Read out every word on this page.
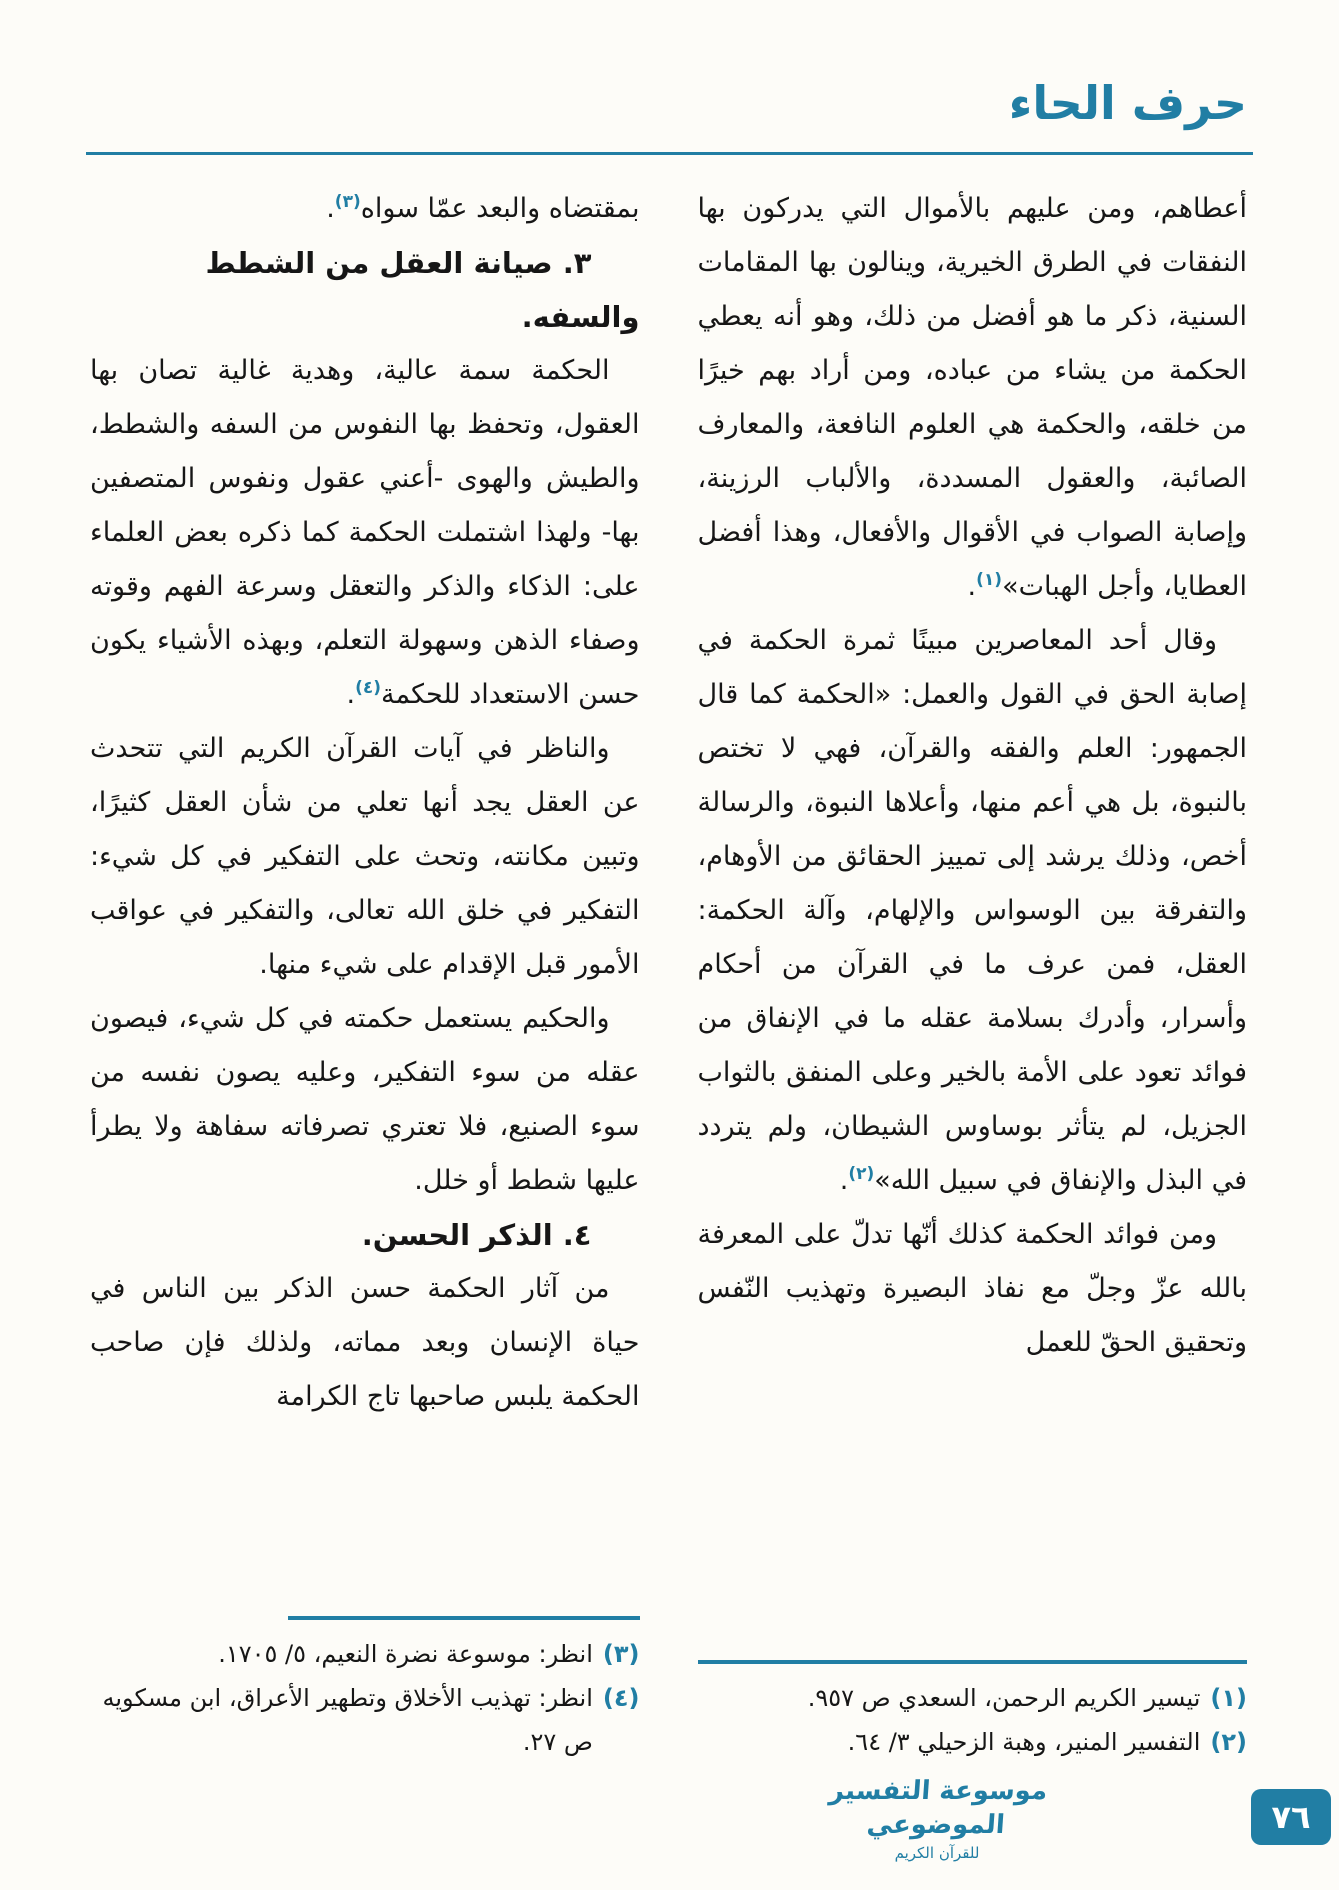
حرف الحاء

أعطاهم، ومن عليهم بالأموال التي يدركون بها النفقات في الطرق الخيرية، وينالون بها المقامات السنية، ذكر ما هو أفضل من ذلك، وهو أنه يعطي الحكمة من يشاء من عباده، ومن أراد بهم خيرًا من خلقه، والحكمة هي العلوم النافعة، والمعارف الصائبة، والعقول المسددة، والألباب الرزينة، وإصابة الصواب في الأقوال والأفعال، وهذا أفضل العطايا، وأجل الهبات»$^{(١)}$.

وقال أحد المعاصرين مبينًا ثمرة الحكمة في إصابة الحق في القول والعمل: «الحكمة كما قال الجمهور: العلم والفقه والقرآن، فهي لا تختص بالنبوة، بل هي أعم منها، وأعلاها النبوة، والرسالة أخص، وذلك يرشد إلى تمييز الحقائق من الأوهام، والتفرقة بين الوسواس والإلهام، وآلة الحكمة: العقل، فمن عرف ما في القرآن من أحكام وأسرار، وأدرك بسلامة عقله ما في الإنفاق من فوائد تعود على الأمة بالخير وعلى المنفق بالثواب الجزيل، لم يتأثر بوساوس الشيطان، ولم يتردد في البذل والإنفاق في سبيل الله»$^{(٢)}$.

ومن فوائد الحكمة كذلك أنّها تدلّ على المعرفة بالله عزّ وجلّ مع نفاذ البصيرة وتهذيب النّفس وتحقيق الحقّ للعمل

(١)
تيسير الكريم الرحمن، السعدي ص ٩٥٧.
(٢)
التفسير المنير، وهبة الزحيلي ٣/ ٦٤.

بمقتضاه والبعد عمّا سواه$^{(٣)}$.

٣. صيانة العقل من الشطط والسفه.

الحكمة سمة عالية، وهدية غالية تصان بها العقول، وتحفظ بها النفوس من السفه والشطط، والطيش والهوى -أعني عقول ونفوس المتصفين بها- ولهذا اشتملت الحكمة كما ذكره بعض العلماء على: الذكاء والذكر والتعقل وسرعة الفهم وقوته وصفاء الذهن وسهولة التعلم، وبهذه الأشياء يكون حسن الاستعداد للحكمة$^{(٤)}$.

والناظر في آيات القرآن الكريم التي تتحدث عن العقل يجد أنها تعلي من شأن العقل كثيرًا، وتبين مكانته، وتحث على التفكير في كل شيء: التفكير في خلق الله تعالى، والتفكير في عواقب الأمور قبل الإقدام على شيء منها.

والحكيم يستعمل حكمته في كل شيء، فيصون عقله من سوء التفكير، وعليه يصون نفسه من سوء الصنيع، فلا تعتري تصرفاته سفاهة ولا يطرأ عليها شطط أو خلل.

٤. الذكر الحسن.

من آثار الحكمة حسن الذكر بين الناس في حياة الإنسان وبعد مماته، ولذلك فإن صاحب الحكمة يلبس صاحبها تاج الكرامة

(٣)
انظر: موسوعة نضرة النعيم، ٥/ ١٧٠٥.
(٤)
انظر: تهذيب الأخلاق وتطهير الأعراق، ابن مسكويه ص ٢٧.
موسوعة التفسير الموضوعي
للقرآن الكريم
٧٦
